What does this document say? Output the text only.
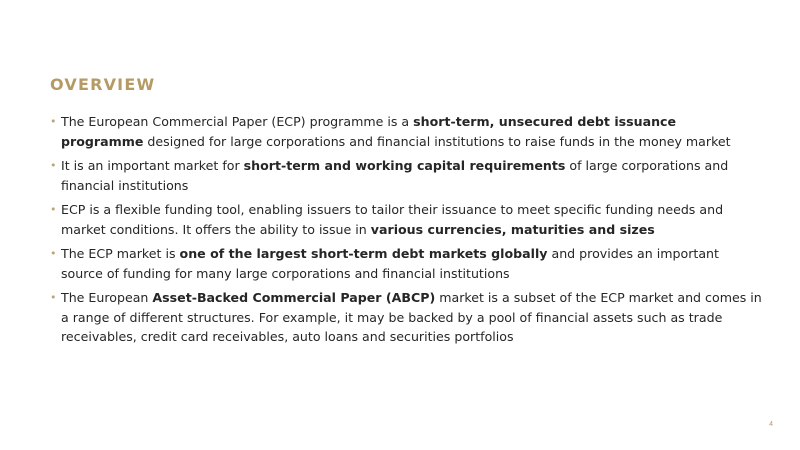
OVERVIEW
• The European Commercial Paper (ECP) programme is a short-term, unsecured debt issuance programme designed for large corporations and financial institutions to raise funds in the money market
• It is an important market for short-term and working capital requirements of large corporations and financial institutions
• ECP is a flexible funding tool, enabling issuers to tailor their issuance to meet specific funding needs and market conditions. It offers the ability to issue in various currencies, maturities and sizes
• The ECP market is one of the largest short-term debt markets globally and provides an important source of funding for many large corporations and financial institutions
• The European Asset-Backed Commercial Paper (ABCP) market is a subset of the ECP market and comes in a range of different structures. For example, it may be backed by a pool of financial assets such as trade receivables, credit card receivables, auto loans and securities portfolios
4
